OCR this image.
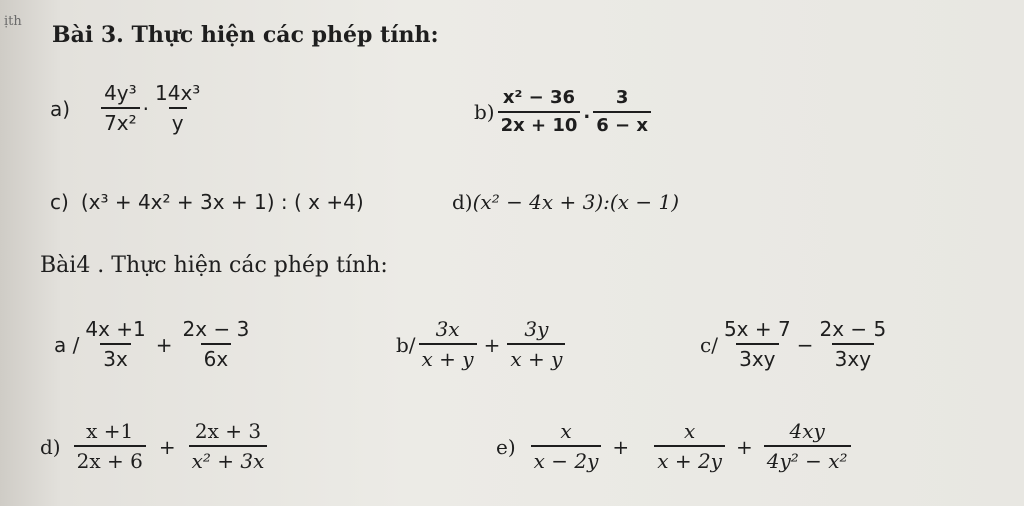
ịth
Bài 3. Thực hiện các phép tính:
$a) \frac{\text{4y³}}{\text{7x²}} \cdot \frac{\text{14x³}}{y}$	$b) \frac{\text{x² − 36}}{2x + 10}$ . $\frac{3}{6 - x}$
c) (x³ + 4x² + 3x + 1) : ( x +4)	d) (x² − 4x + 3):(x − 1)
Bài4 . Thực hiện các phép tính:
$a / \frac{4x +1}{3x} + \frac{2x - 3}{6x}$	$b/ \frac{3x}{x + y} + \frac{3y}{x + y}$	$c/ \frac{5x + 7}{3xy} - \frac{2x - 5}{3xy}$
$d) \frac{x +1}{2x + 6} + \frac{2x + 3}{\text{x² + 3x}}$	$e) \frac{x}{x - 2y} + \frac{x}{x + 2y} + \frac{4xy}{\text{4y² − x²}}$
